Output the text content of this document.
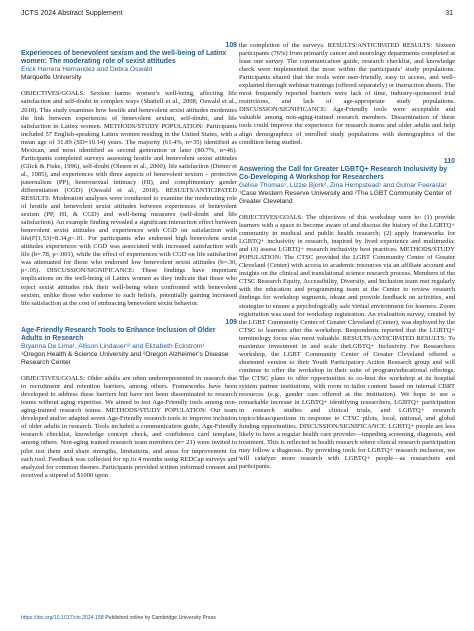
JCTS 2024 Abstract Supplement	31
108
Experiences of benevolent sexism and the well-being of Latinx women: The moderating role of sexist attitudes
Erick Herrera Hernandez and Debra Oswald
Marquette University

OBJECTIVES/GOALS: Sexism harms women’s well-being, affecting life satisfaction and self-doubt in complex ways (Shattell et al., 2008; Oswald et al., 2018). This study examines how hostile and benevolent sexist attitudes moderates the link between experiences of benevolent sexism, self-doubt, and life satisfaction in Latinx women. METHODS/STUDY POPULATION: Participants included 57 English-speaking Latinx women residing in the United States, with a mean age of 31.89 (SD=10.14) years. The majority (61.4%, n=35) identified as Mexican, and most identified as second generation or later (80.7%, n=46). Participants completed surveys assessing hostile and benevolent sexist attitudes (Glick & Fiske, 1996), self-doubt (Oleson et al., 2000), life satisfaction (Diener et al., 1985), and experiences with three aspects of benevolent sexism – protective paternalism (PP), heterosexual intimacy (HI), and complimentary gender differentiation (CGD) (Oswald et al., 2018). RESULTS/ANTICIPATED RESULTS: Moderation analyses were conducted to examine the moderating role of hostile and benevolent sexist attitudes between experiences of benevolent sexism (PP, HI, & CGD) and well-being measures (self-doubt and life satisfaction). An example finding revealed a significant interaction effect between benevolent sexist attitudes and experiences with CGD on satisfaction with life(F(1,53)=8.34,p<.01. For participants who endorsed high benevolent sexist attitudes experiences with CGD was associated with increased satisfaction with life (b=.78, p<.001), while the effect of experiences with CGD on life satisfaction was attenuated for those who endorsed low benevolent sexist attitudes (b=.30, p<.05). DISCUSSION/SIGNIFICANCE: These findings have important implications on the well-being of Latinx women as they indicate that those who reject sexist attitudes risk their well-being when confronted with benevolent sexism, unlike those who endorse to such beliefs, potentially gaining increased life satisfaction at the cost of embracing benevolent sexist behavior.

109
Age-Friendly Research Tools to Enhance Inclusion of Older Adults in Research
Bryanna De Lima¹, Allison Lindauer¹² and Elizabeth Eckstrom¹
¹Oregon Health & Science University and ²Oregon Alzheimer’s Disease Research Center

OBJECTIVES/GOALS: Older adults are often underrepresented in research due to recruitment and retention barriers, among others. Frameworks have been developed to address these barriers but have not been disseminated to research teams without aging expertise. We aimed to test Age-Friendly tools among non-aging-trained research teams. METHODS/STUDY POPULATION: Our team developed and/or adapted seven Age-Friendly research tools to improve inclusion of older adults in research. Tools included a communication guide, Age-Friendly research checklist, knowledge concept check, and confidence card template, among others. Non-aging trained research team members (n= 21) were invited to pilot test them and share strengths, limitations, and areas for improvement for each tool. Feedback was collected for up to 4 months using REDCap surveys and analyzed for common themes. Participants provided written informed consent and received a stipend of $1000 upon

the completion of the surveys. RESULTS/ANTICIPATED RESULTS: Sixteen participants (76%) from primarily cancer and neurology departments completed at least one survey. The communication guide, research checklist, and knowledge check were implemented the most within the participants’ study populations. Participants shared that the tools were user-friendly, easy to access, and well-explained through webinar trainings (offered separately) or instruction sheets. The most frequently reported barriers were lack of time, industry-sponsored trial restrictions, and lack of age-appropriate study populations. DISCUSSION/SIGNIFICANCE: Age-Friendly tools were acceptable and valuable among non-aging-trained research members. Dissemination of these tools could improve the experience for research teams and older adults and help align demographics of enrolled study populations with demographics of the condition being studied.

110
Answering the Call for Greater LGBTQ+ Research Inclusivity by Co-Developing A Workshop for Researchers
Gelise Thomas¹, Lizzie Bjork², Zina Hempstead¹ and Gulnar Feerasta²
¹Case Western Reserve University and ²The LGBT Community Center of Greater Cleveland

OBJECTIVES/GOALS: The objectives of this workshop were to: (1) provide learners with a space to become aware of and discuss the history of the LGBTQ+ community in medical and public health research; (2) apply frameworks for LGBTQ+ inclusivity in research, inspired by lived experience and multimedia; and (3) assess LGBTQ+ research inclusivity best practices. METHODS/STUDY POPULATION: The CTSC provided the LGBT Community Center of Greater Cleveland (Center) with access to academic resources via an affiliate account and insights on the clinical and translational science research process. Members of the CTSC Research Equity, Accessibility, Diversity, and Inclusion team met regularly with the education and programming team at the Center to review research findings for workshop segments, ideate and provide feedback on activities, and strategize to ensure a psychologically safe virtual environment for learners. Zoom registration was used for workshop registration. An evaluation survey, created by the LGBT Community Center of Greater Cleveland (Center), was deployed by the CTSC to learners after the workshop. Respondents reported that the LGBTQ+ terminology focus was most valuable. RESULTS/ANTICIPATED RESULTS: To maximize investment in and scale theLGBTQ+ Inclusivity For Researchers workshop, the LGBT Community Center of Greater Cleveland offered a shortened version to their Youth Participatory Action Research group and will continue to offer the workshop in their suite of program/educational offerings. The CTSC plans to offer opportunities to co-host the workshop at its hospital system partner institutions, with room to tailor content based on internal CBRT resources (e.g., gender care offered at the institution). We hope to see a remarkable increase in LGBTQ+ identifying researchers, LGBTQ+ participation in research studies and clinical trials, and LGBTQ+ research topics/ideas/questions in response to CTSC pilots, local, national, and global funding opportunities. DISCUSSION/SIGNIFICANCE: LGBTQ+ people are less likely to have a regular health care provider—impeding screening, diagnosis, and treatment. This is reflected in health research where clinical research participation may follow a diagnosis. By providing tools for LGBTQ+ research inclusion, we will catalyze more research with LGBTQ+ people—as researchers and participants.

https://doi.org/10.1017/cts.2024.158 Published online by Cambridge University Press
